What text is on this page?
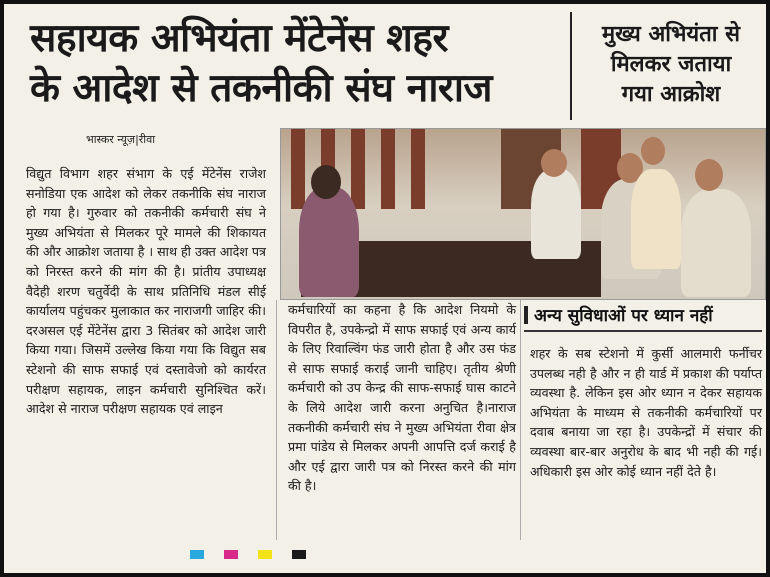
सहायक अभियंता मेंटेनेंस शहर
के आदेश से तकनीकी संघ नाराज
मुख्य अभियंता से
मिलकर जताया
गया आक्रोश
भास्कर न्यूज़|रीवा
विद्युत विभाग शहर संभाग के एई मेंटेनेंस राजेश सनोडिया एक आदेश को लेकर तकनीकि संघ नाराज हो गया है। गुरुवार को तकनीकी कर्मचारी संघ ने मुख्य अभियंता से मिलकर पूरे मामले की शिकायत की और आक्रोश जताया है । साथ ही उक्त आदेश पत्र को निरस्त करने की मांग की है। प्रांतीय उपाध्यक्ष वैदेही शरण चतुर्वेदी के साथ प्रतिनिधि मंडल सीई कार्यालय पहुंचकर मुलाकात कर नाराजगी जाहिर की। दरअसल एई मेंटेनेंस द्वारा 3 सितंबर को आदेश जारी किया गया। जिसमें उल्लेख किया गया कि विद्युत सब स्टेशनो की साफ सफाई एवं दस्तावेजो को कार्यरत परीक्षण सहायक, लाइन कर्मचारी सुनिश्चित करें। आदेश से नाराज परीक्षण सहायक एवं लाइन
कर्मचारियों का कहना है कि आदेश नियमो के विपरीत है, उपकेन्द्रो में साफ सफाई एवं अन्य कार्य के लिए रिवाल्विंग फंड जारी होता है और उस फंड से साफ सफाई कराई जानी चाहिए। तृतीय श्रेणी कर्मचारी को उप केन्द्र की साफ-सफाई घास काटने के लिये आदेश जारी करना अनुचित है।नाराज तकनीकी कर्मचारी संघ ने मुख्य अभियंता रीवा क्षेत्र प्रमा पांडेय से मिलकर अपनी आपत्ति दर्ज कराई है और एई द्वारा जारी पत्र को निरस्त करने की मांग की है।
अन्य सुविधाओं पर ध्यान नहीं
शहर के सब स्टेशनो में कुर्सी आलमारी फर्नीचर उपलब्ध नही है और न ही यार्ड में प्रकाश की पर्याप्त व्यवस्था है. लेकिन इस ओर ध्यान न देकर सहायक अभियंता के माध्यम से तकनीकी कर्मचारियों पर दवाब बनाया जा रहा है। उपकेन्द्रों में संचार की व्यवस्था बार-बार अनुरोध के बाद भी नही की गई। अधिकारी इस ओर कोई ध्यान नहीं देते है।
